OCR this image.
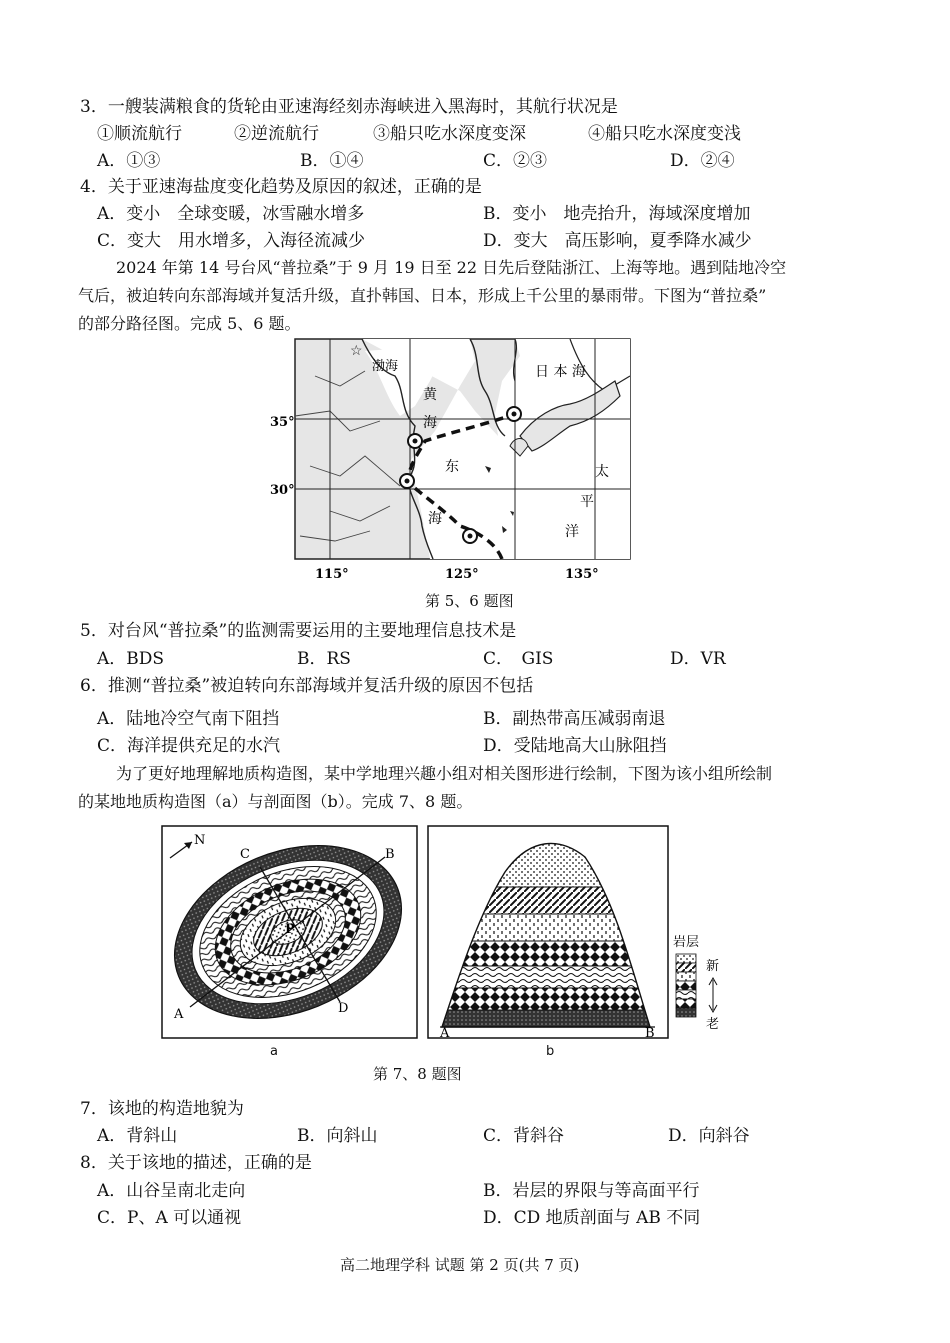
3．一艘装满粮食的货轮由亚速海经刻赤海峡进入黑海时，其航行状况是
①顺流航行	②逆流航行	③船只吃水深度变深	④船只吃水深度变浅
A．①③	B．①④	C．②③	D．②④
4．关于亚速海盐度变化趋势及原因的叙述，正确的是
A．变小　全球变暖，冰雪融水增多	B．变小　地壳抬升，海域深度增加
C．变大　用水增多，入海径流减少	D．变大　高压影响，夏季降水减少
2024 年第 14 号台风“普拉桑”于 9 月 19 日至 22 日先后登陆浙江、上海等地。遇到陆地冷空
气后，被迫转向东部海域并复活升级，直扑韩国、日本，形成上千公里的暴雨带。下图为“普拉桑”
的部分路径图。完成 5、6 题。
☆
渤海
黄
海
东
海
日 本 海
太
平
洋
35°
30°
115°	125°	135°
第 5、6 题图
5．对台风“普拉桑”的监测需要运用的主要地理信息技术是
A．BDS	B．RS	C．　GIS	D．VR
6．推测“普拉桑”被迫转向东部海域并复活升级的原因不包括
A．陆地冷空气南下阻挡	B．副热带高压减弱南退
C．海洋提供充足的水汽	D．受陆地高大山脉阻挡
为了更好地理解地质构造图，某中学地理兴趣小组对相关图形进行绘制，下图为该小组所绘制
的某地地质构造图（a）与剖面图（b）。完成 7、8 题。
P
C	B
A	D
N
A	B
岩层
新
老
a	b
第 7、8 题图
7．该地的构造地貌为
A．背斜山	B．向斜山	C．背斜谷	D．向斜谷
8．关于该地的描述，正确的是
A．山谷呈南北走向	B．岩层的界限与等高面平行
C．P、A 可以通视	D．CD 地质剖面与 AB 不同
高二地理学科 试题 第 2 页(共 7 页)
